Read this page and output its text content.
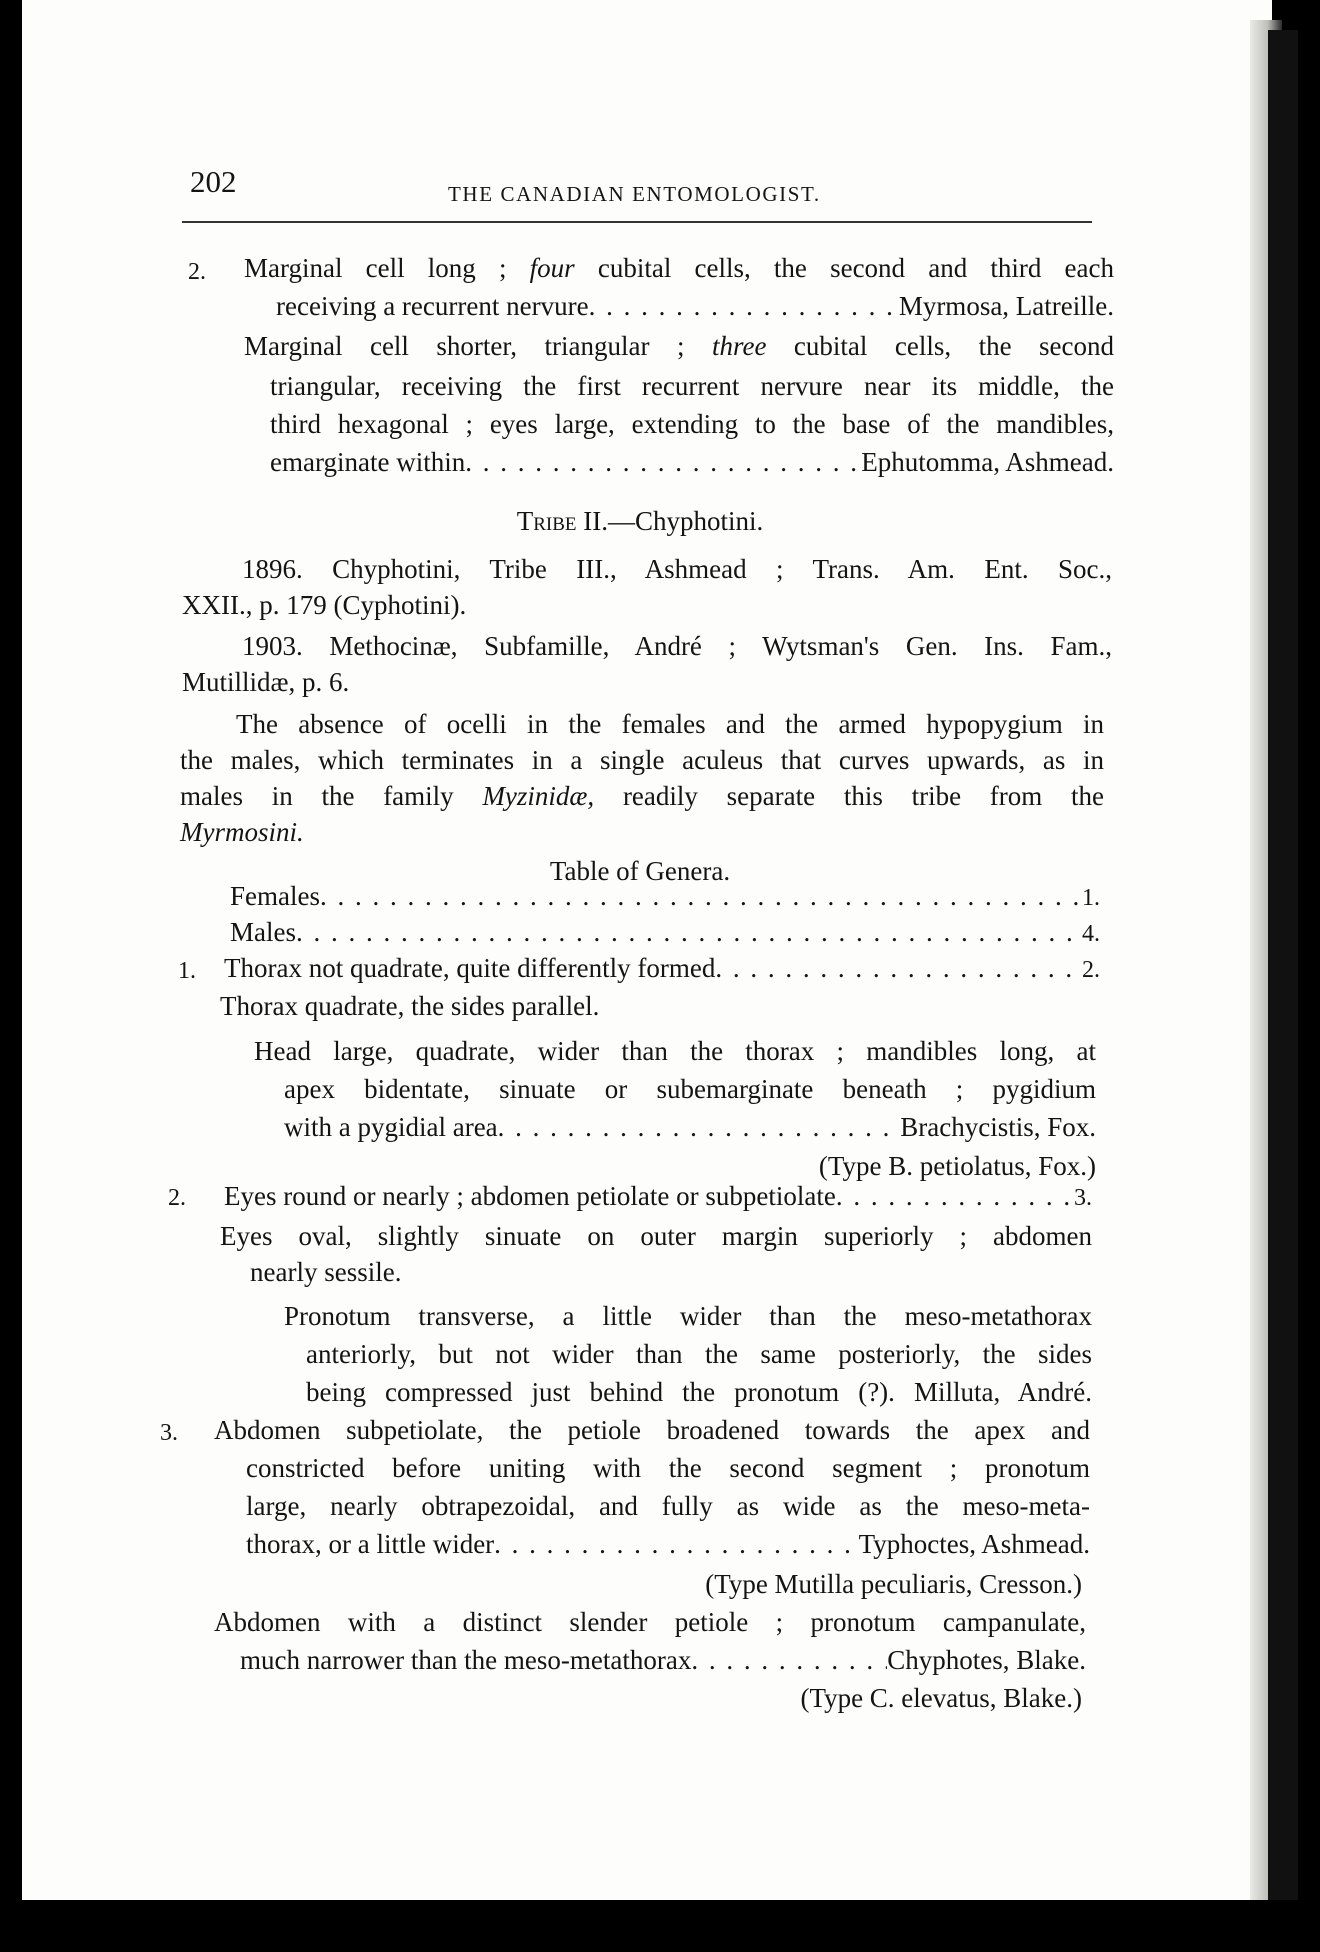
202	THE CANADIAN ENTOMOLOGIST.
2. Marginal cell long ; four cubital cells, the second and third each
receiving a recurrent nervure . . .	Myrmosa, Latreille.
Marginal cell shorter, triangular ; three cubital cells, the second
triangular, receiving the first recurrent nervure near its middle, the
third hexagonal ; eyes large, extending to the base of the mandibles,
emarginate within . . .	Ephutomma, Ashmead.
Tribe II.—Chyphotini.
1896. Chyphotini, Tribe III., Ashmead ; Trans. Am. Ent. Soc.,
XXII., p. 179 (Cyphotini).
1903. Methocinæ, Subfamille, André ; Wytsman's Gen. Ins. Fam.,
Mutillidæ, p. 6.
The absence of ocelli in the females and the armed hypopygium in
the males, which terminates in a single aculeus that curves upwards, as in
males in the family Myzinidæ, readily separate this tribe from the
Myrmosini.
Table of Genera.
Females . . .	1.
Males . . .	4.
1. Thorax not quadrate, quite differently formed . . .	2.
Thorax quadrate, the sides parallel.
Head large, quadrate, wider than the thorax ; mandibles long, at
apex bidentate, sinuate or subemarginate beneath ; pygidium
with a pygidial area . . .	Brachycistis, Fox.
(Type B. petiolatus, Fox.)
2. Eyes round or nearly ; abdomen petiolate or subpetiolate . . .	3.
Eyes oval, slightly sinuate on outer margin superiorly ; abdomen
nearly sessile.
Pronotum transverse, a little wider than the meso-metathorax
anteriorly, but not wider than the same posteriorly, the sides
being compressed just behind the pronotum (?). Milluta, André.
3. Abdomen subpetiolate, the petiole broadened towards the apex and
constricted before uniting with the second segment ; pronotum
large, nearly obtrapezoidal, and fully as wide as the meso-meta-
thorax, or a little wider . . .	Typhoctes, Ashmead.
(Type Mutilla peculiaris, Cresson.)
Abdomen with a distinct slender petiole ; pronotum campanulate,
much narrower than the meso-metathorax . . .	Chyphotes, Blake.
(Type C. elevatus, Blake.)
